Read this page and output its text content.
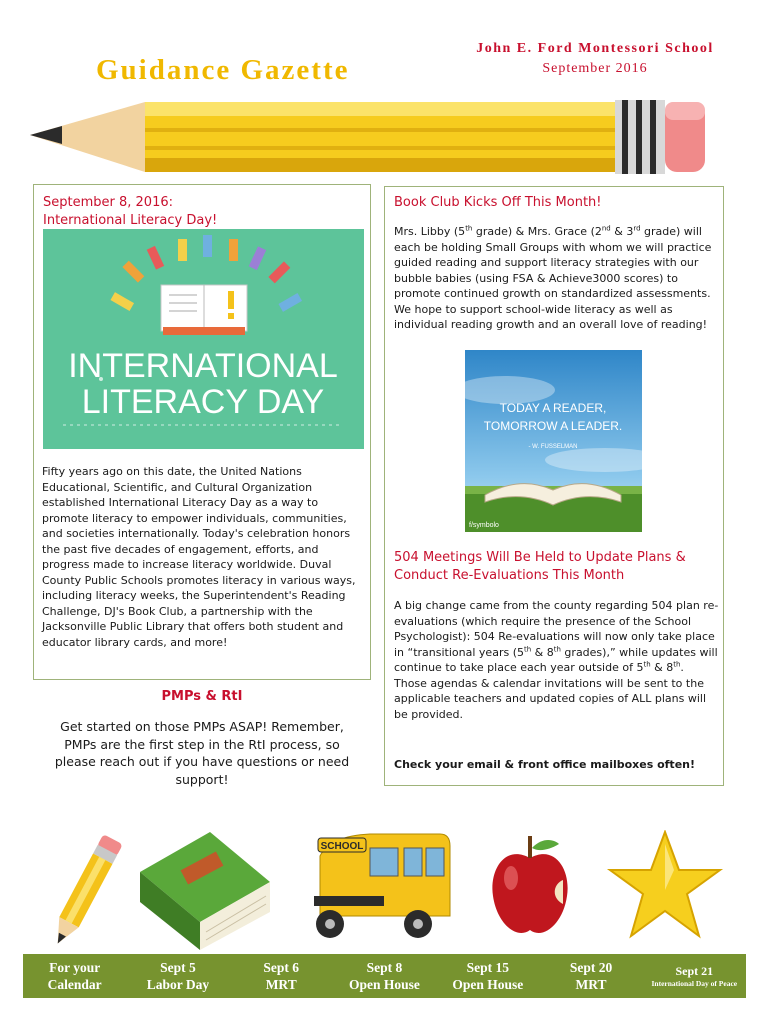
Guidance Gazette
John E. Ford Montessori School
September 2016
September 8, 2016:
International Literacy Day!
INTERNATIONAL
LITERACY DAY
Fifty years ago on this date, the United Nations Educational, Scientific, and Cultural Organization established International Literacy Day as a way to promote literacy to empower individuals, communities, and societies internationally. Today's celebration honors the past five decades of engagement, efforts, and progress made to increase literacy worldwide. Duval County Public Schools promotes literacy in various ways, including literacy weeks, the Superintendent's Reading Challenge, DJ's Book Club, a partnership with the Jacksonville Public Library that offers both student and educator library cards, and more!
PMPs & RtI
Get started on those PMPs ASAP! Remember, PMPs are the first step in the RtI process, so please reach out if you have questions or need support!
Book Club Kicks Off This Month!
Mrs. Libby (5th grade) & Mrs. Grace (2nd & 3rd grade) will each be holding Small Groups with whom we will practice guided reading and support literacy strategies with our bubble babies (using FSA & Achieve3000 scores) to promote continued growth on standardized assessments. We hope to support school-wide literacy as well as individual reading growth and an overall love of reading!
TODAY A READER,
TOMORROW A LEADER.
- W. FUSSELMAN
f/symbolo
504 Meetings Will Be Held to Update Plans & Conduct Re-Evaluations This Month
A big change came from the county regarding 504 plan re-evaluations (which require the presence of the School Psychologist): 504 Re-evaluations will now only take place in “transitional years (5th & 8th grades),” while updates will continue to take place each year outside of 5th & 8th. Those agendas & calendar invitations will be sent to the applicable teachers and updated copies of ALL plans will be provided.
Check your email & front office mailboxes often!
SCHOOL
For your
Calendar
Sept 5
Labor Day
Sept 6
MRT
Sept 8
Open House
Sept 15
Open House
Sept 20
MRT
Sept 21
International Day of Peace
